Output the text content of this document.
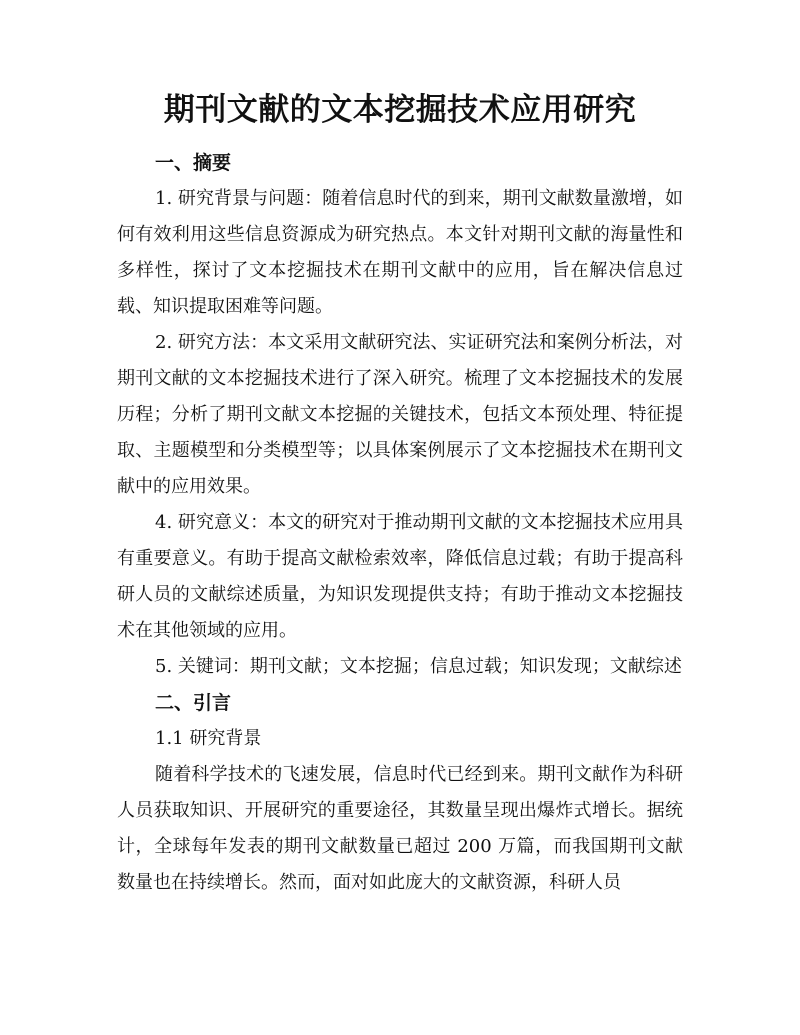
期刊文献的文本挖掘技术应用研究

一、摘要

1. 研究背景与问题：随着信息时代的到来，期刊文献数量激增，如何有效利用这些信息资源成为研究热点。本文针对期刊文献的海量性和多样性，探讨了文本挖掘技术在期刊文献中的应用，旨在解决信息过载、知识提取困难等问题。

2. 研究方法：本文采用文献研究法、实证研究法和案例分析法，对期刊文献的文本挖掘技术进行了深入研究。梳理了文本挖掘技术的发展历程；分析了期刊文献文本挖掘的关键技术，包括文本预处理、特征提取、主题模型和分类模型等；以具体案例展示了文本挖掘技术在期刊文献中的应用效果。

4. 研究意义：本文的研究对于推动期刊文献的文本挖掘技术应用具有重要意义。有助于提高文献检索效率，降低信息过载；有助于提高科研人员的文献综述质量，为知识发现提供支持；有助于推动文本挖掘技术在其他领域的应用。

5. 关键词：期刊文献；文本挖掘；信息过载；知识发现；文献综述

二、引言

1.1 研究背景

随着科学技术的飞速发展，信息时代已经到来。期刊文献作为科研人员获取知识、开展研究的重要途径，其数量呈现出爆炸式增长。据统计，全球每年发表的期刊文献数量已超过 200 万篇，而我国期刊文献数量也在持续增长。然而，面对如此庞大的文献资源，科研人员
